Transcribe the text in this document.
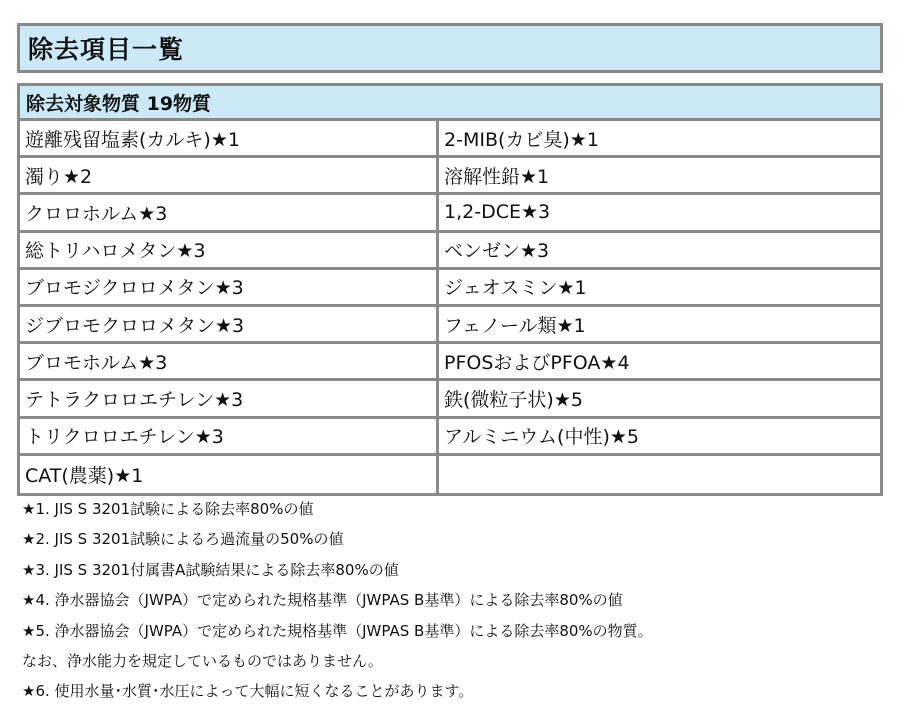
除去項目一覧
除去対象物質 19物質
遊離残留塩素(カルキ)★1	2-MIB(カビ臭)★1
濁り★2	溶解性鉛★1
クロロホルム★3	1,2-DCE★3
総トリハロメタン★3	ベンゼン★3
ブロモジクロロメタン★3	ジェオスミン★1
ジブロモクロロメタン★3	フェノール類★1
ブロモホルム★3	PFOSおよびPFOA★4
テトラクロロエチレン★3	鉄(微粒子状)★5
トリクロロエチレン★3	アルミニウム(中性)★5
CAT(農薬)★1
★1. JIS S 3201試験による除去率80%の値
★2. JIS S 3201試験によるろ過流量の50%の値
★3. JIS S 3201付属書A試験結果による除去率80%の値
★4. 浄水器協会（JWPA）で定められた規格基準（JWPAS B基準）による除去率80%の値
★5. 浄水器協会（JWPA）で定められた規格基準（JWPAS B基準）による除去率80%の物質。
なお、浄水能力を規定しているものではありません。
★6. 使用水量･水質･水圧によって大幅に短くなることがあります。
